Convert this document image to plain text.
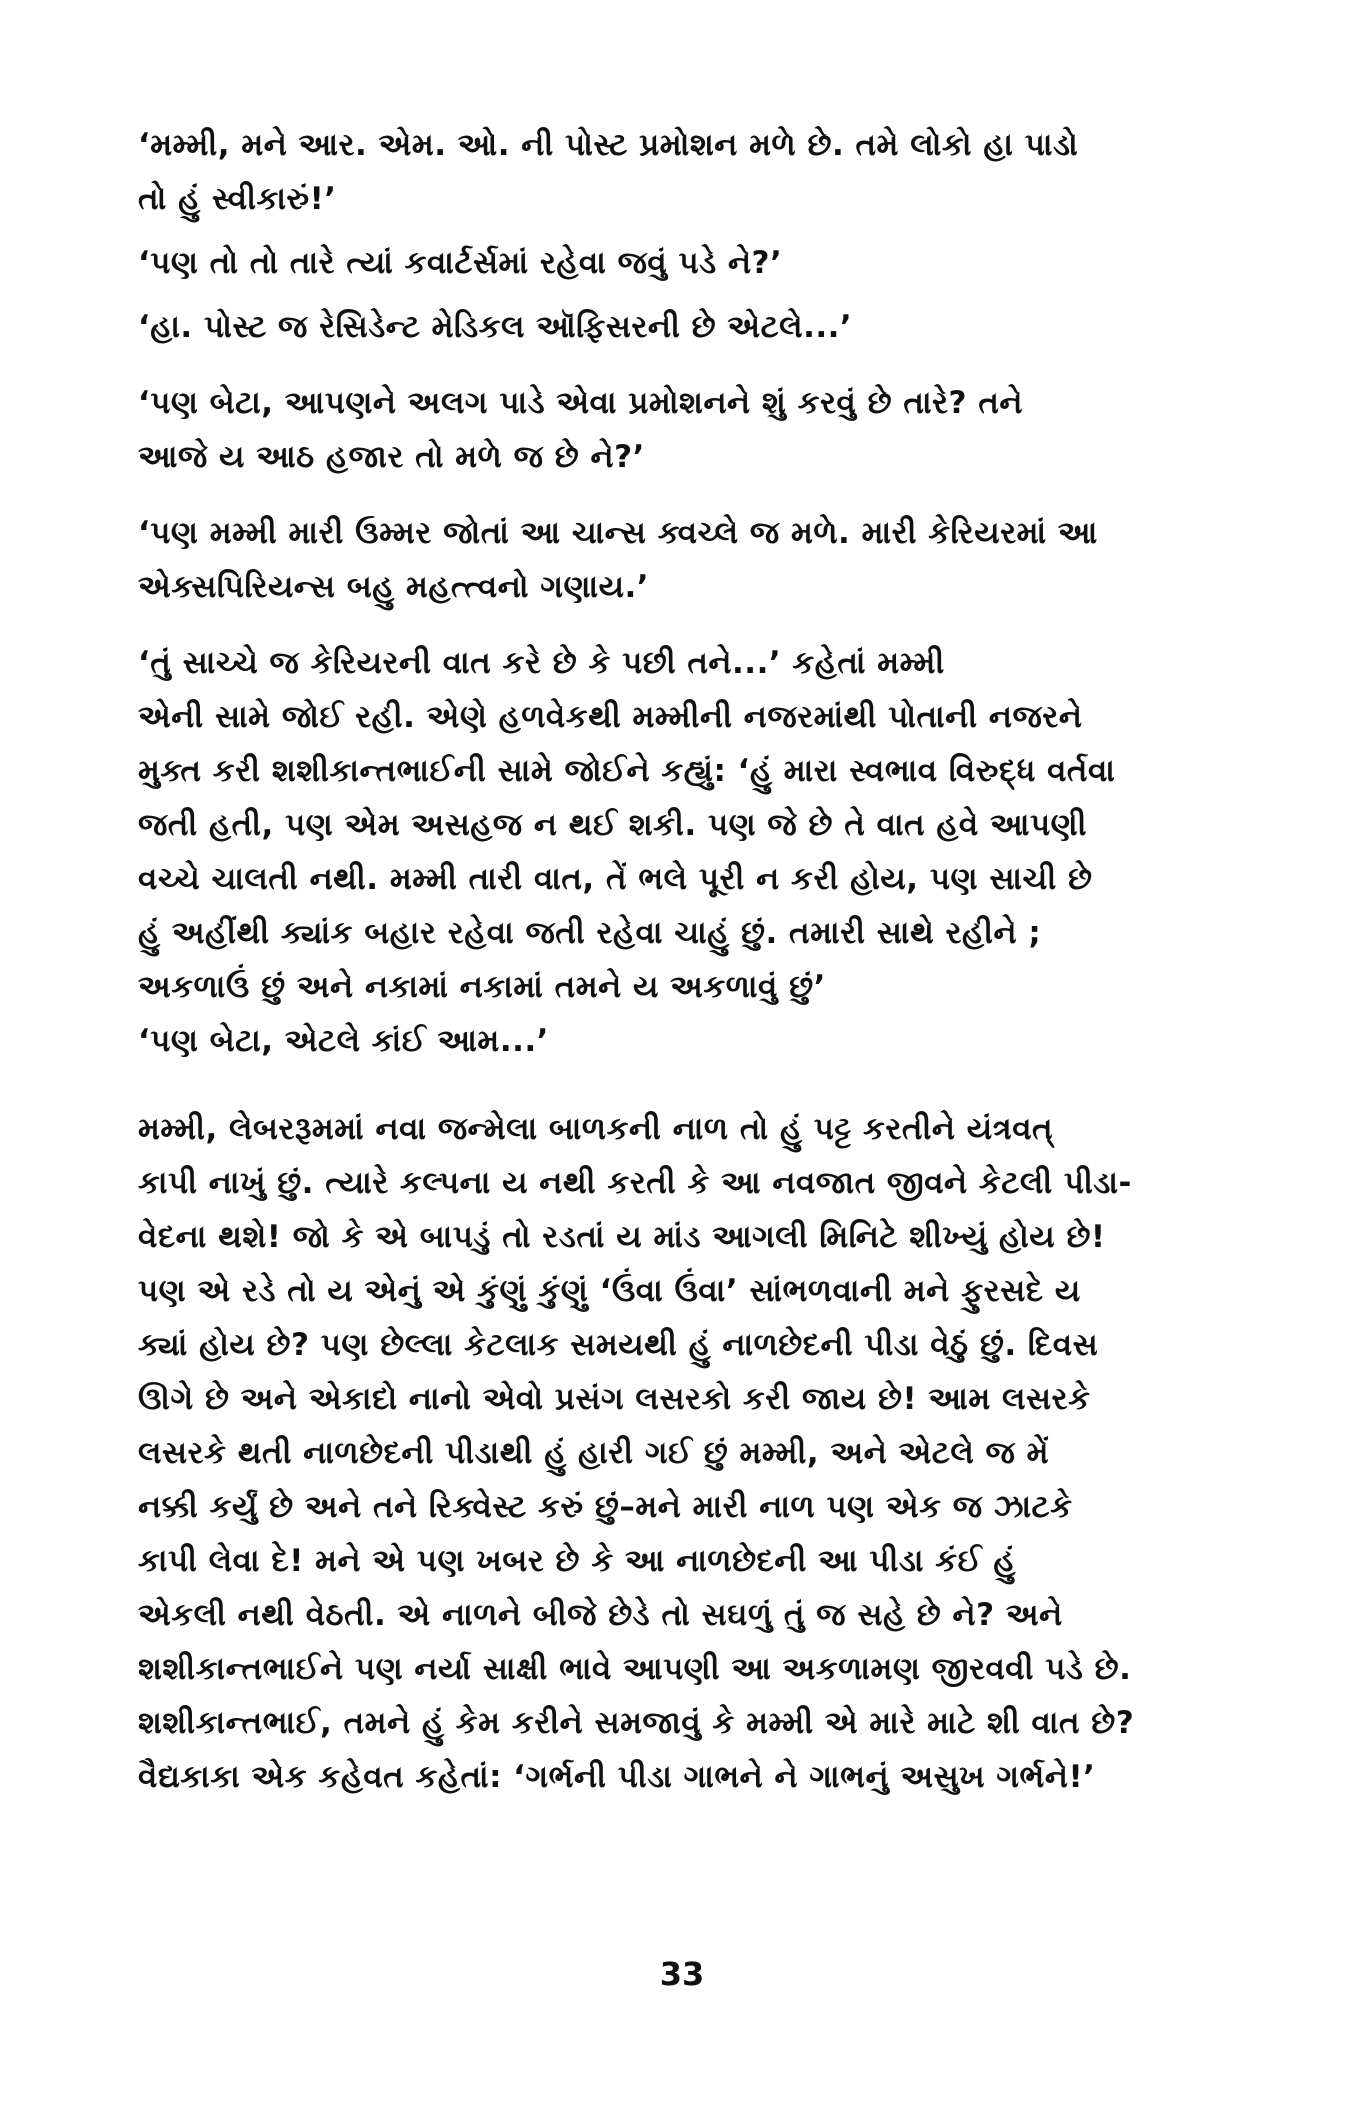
‘મમ્મી, મને આર. એમ. ઓ. ની પોસ્ટ પ્રમોશન મળે છે. તમે લોકો હા પાડો
તો હું સ્વીકારું!’
‘પણ તો તો તારે ત્યાં કવાર્ટર્સમાં રહેવા જવું પડે ને?’
‘હા. પોસ્ટ જ રેસિડેન્ટ મેડિકલ ઑફિસરની છે એટલે...’
‘પણ બેટા, આપણને અલગ પાડે એવા પ્રમોશનને શું કરવું છે તારે? તને
આજે ય આઠ હજાર તો મળે જ છે ને?’
‘પણ મમ્મી મારી ઉમ્મર જોતાં આ ચાન્સ ક્વચ્લે જ મળે. મારી કેરિયરમાં આ
એક્સપિરિયન્સ બહુ મહત્ત્વનો ગણાય.’
‘તું સાચ્ચે જ કેરિયરની વાત કરે છે કે પછી તને...’ કહેતાં મમ્મી
એની સામે જોઈ રહી. એણે હળવેકથી મમ્મીની નજરમાંથી પોતાની નજરને
મુક્ત કરી શશીકાન્તભાઈની સામે જોઈને કહ્યું: ‘હું મારા સ્વભાવ વિરુદ્ધ વર્તવા
જતી હતી, પણ એમ અસહજ ન થઈ શકી. પણ જે છે તે વાત હવે આપણી
વચ્ચે ચાલતી નથી. મમ્મી તારી વાત, તેં ભલે પૂરી ન કરી હોય, પણ સાચી છે
હું અહીંથી ક્યાંક બહાર રહેવા જતી રહેવા ચાહું છું. તમારી સાથે રહીને ;
અકળાઉં છું અને નકામાં નકામાં તમને ય અકળાવું છું’
‘પણ બેટા, એટલે કાંઈ આમ...’
મમ્મી, લેબરરૂમમાં નવા જન્મેલા બાળકની નાળ તો હું પટ્ટ કરતીને યંત્રવત્
કાપી નાખું છું. ત્યારે કલ્પના ય નથી કરતી કે આ નવજાત જીવને કેટલી પીડા-
વેદના થશે! જો કે એ બાપડું તો રડતાં ય માંડ આગલી મિનિટે શીખ્યું હોય છે!
પણ એ રડે તો ય એનું એ કુંણું કુંણું ‘ઉંવા ઉંવા’ સાંભળવાની મને ફુરસદે ય
ક્યાં હોય છે? પણ છેલ્લા કેટલાક સમયથી હું નાળછેદની પીડા વેઠું છું. દિવસ
ઊગે છે અને એકાદો નાનો એવો પ્રસંગ લસરકો કરી જાય છે! આમ લસરકે
લસરકે થતી નાળછેદની પીડાથી હું હારી ગઈ છું મમ્મી, અને એટલે જ મેં
નક્કી કર્યું છે અને તને રિક્વેસ્ટ કરું છું–મને મારી નાળ પણ એક જ ઝાટકે
કાપી લેવા દે! મને એ પણ ખબર છે કે આ નાળછેદની આ પીડા કંઈ હું
એકલી નથી વેઠતી. એ નાળને બીજે છેડે તો સઘળું તું જ સહે છે ને? અને
શશીકાન્તભાઈને પણ નર્યા સાક્ષી ભાવે આપણી આ અકળામણ જીરવવી પડે છે.
શશીકાન્તભાઈ, તમને હું કેમ કરીને સમજાવું કે મમ્મી એ મારે માટે શી વાત છે?
વૈદ્યકાકા એક કહેવત કહેતાં: ‘ગર્ભની પીડા ગાભને ને ગાભનું અસુખ ગર્ભને!’
33
